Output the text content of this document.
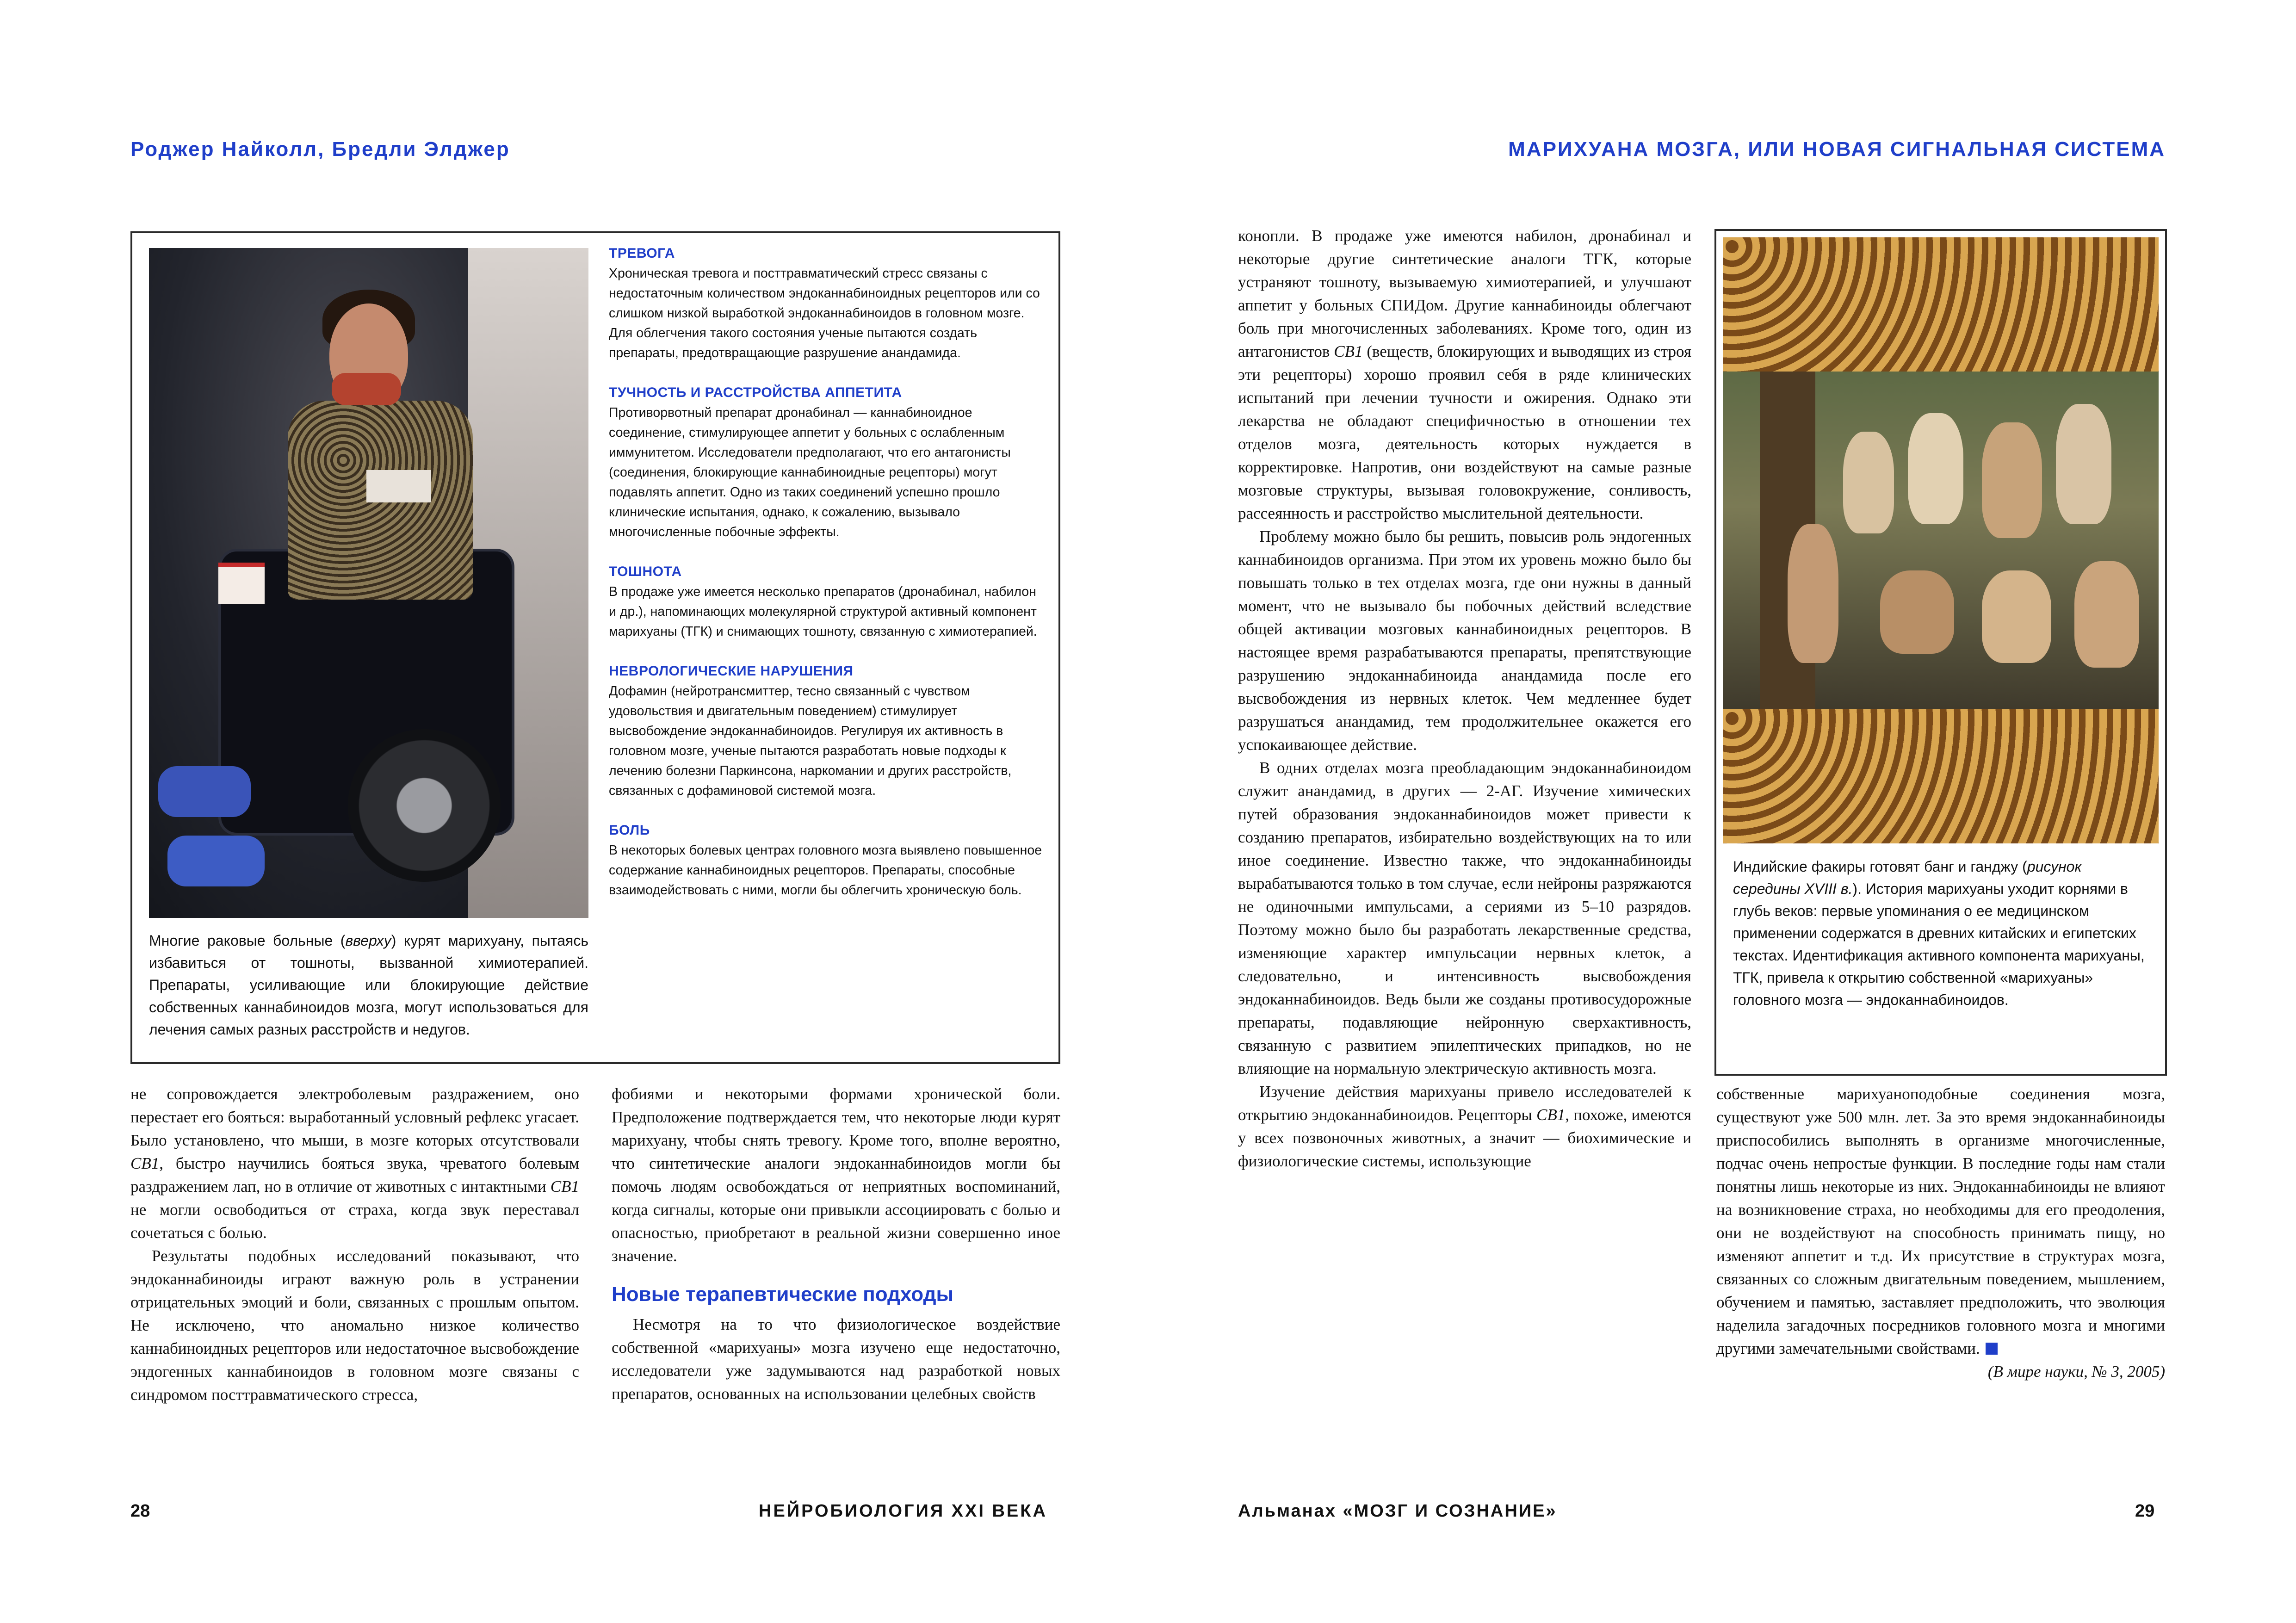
Роджер Найколл, Бредли Элджер	МАРИХУАНА МОЗГА, ИЛИ НОВАЯ СИГНАЛЬНАЯ СИСТЕМА
Многие раковые больные (вверху) курят марихуану, пытаясь избавиться от тошноты, вызванной химиотерапией. Препараты, усиливающие или блокирующие действие собственных каннабиноидов мозга, могут использоваться для лечения самых разных расстройств и недугов.
ТРЕВОГА
Хроническая тревога и посттравматический стресс связаны с недостаточным количеством эндоканнабиноидных рецепторов или со слишком низкой выработкой эндоканнабиноидов в головном мозге. Для облегчения такого состояния ученые пытаются создать препараты, предотвращающие разрушение анандамида.
ТУЧНОСТЬ И РАССТРОЙСТВА АППЕТИТА
Противорвотный препарат дронабинал — каннабиноидное соединение, стимулирующее аппетит у больных с ослабленным иммунитетом. Исследователи предполагают, что его антагонисты (соединения, блокирующие каннабиноидные рецепторы) могут подавлять аппетит. Одно из таких соединений успешно прошло клинические испытания, однако, к сожалению, вызывало многочисленные побочные эффекты.
ТОШНОТА
В продаже уже имеется несколько препаратов (дронабинал, набилон и др.), напоминающих молекулярной структурой активный компонент марихуаны (ТГК) и снимающих тошноту, связанную с химиотерапией.
НЕВРОЛОГИЧЕСКИЕ НАРУШЕНИЯ
Дофамин (нейротрансмиттер, тесно связанный с чувством удовольствия и двигательным поведением) стимулирует высвобождение эндоканнабиноидов. Регулируя их активность в головном мозге, ученые пытаются разработать новые подходы к лечению болезни Паркинсона, наркомании и других расстройств, связанных с дофаминовой системой мозга.
БОЛЬ
В некоторых болевых центрах головного мозга выявлено повышенное содержание каннабиноидных рецепторов. Препараты, способные взаимодействовать с ними, могли бы облегчить хроническую боль.

не сопровождается электроболевым раздражением, оно перестает его бояться: выработанный условный рефлекс угасает. Было установлено, что мыши, в мозге которых отсутствовали CB1, быстро научились бояться звука, чреватого болевым раздражением лап, но в отличие от животных с интактными CB1 не могли освободиться от страха, когда звук переставал сочетаться с болью.

Результаты подобных исследований показывают, что эндоканнабиноиды играют важную роль в устранении отрицательных эмоций и боли, связанных с прошлым опытом. Не исключено, что аномально низкое количество каннабиноидных рецепторов или недостаточное высвобождение эндогенных каннабиноидов в головном мозге связаны с синдромом посттравматического стресса,

фобиями и некоторыми формами хронической боли. Предположение подтверждается тем, что некоторые люди курят марихуану, чтобы снять тревогу. Кроме того, вполне вероятно, что синтетические аналоги эндоканнабиноидов могли бы помочь людям освобождаться от неприятных воспоминаний, когда сигналы, которые они привыкли ассоциировать с болью и опасностью, приобретают в реальной жизни совершенно иное значение.

Новые терапевтические подходы

Несмотря на то что физиологическое воздействие собственной «марихуаны» мозга изучено еще недостаточно, исследователи уже задумываются над разработкой новых препаратов, основанных на использовании целебных свойств

конопли. В продаже уже имеются набилон, дронабинал и некоторые другие синтетические аналоги ТГК, которые устраняют тошноту, вызываемую химиотерапией, и улучшают аппетит у больных СПИДом. Другие каннабиноиды облегчают боль при многочисленных заболеваниях. Кроме того, один из антагонистов CB1 (веществ, блокирующих и выводящих из строя эти рецепторы) хорошо проявил себя в ряде клинических испытаний при лечении тучности и ожирения. Однако эти лекарства не обладают специфичностью в отношении тех отделов мозга, деятельность которых нуждается в корректировке. Напротив, они воздействуют на самые разные мозговые структуры, вызывая головокружение, сонливость, рассеянность и расстройство мыслительной деятельности.

Проблему можно было бы решить, повысив роль эндогенных каннабиноидов организма. При этом их уровень можно было бы повышать только в тех отделах мозга, где они нужны в данный момент, что не вызывало бы побочных действий вследствие общей активации мозговых каннабиноидных рецепторов. В настоящее время разрабатываются препараты, препятствующие разрушению эндоканнабиноида анандамида после его высвобождения из нервных клеток. Чем медленнее будет разрушаться анандамид, тем продолжительнее окажется его успокаивающее действие.

В одних отделах мозга преобладающим эндоканнабиноидом служит анандамид, в других — 2-АГ. Изучение химических путей образования эндоканнабиноидов может привести к созданию препаратов, избирательно воздействующих на то или иное соединение. Известно также, что эндоканнабиноиды вырабатываются только в том случае, если нейроны разряжаются не одиночными импульсами, а сериями из 5–10 разрядов. Поэтому можно было бы разработать лекарственные средства, изменяющие характер импульсации нервных клеток, а следовательно, и интенсивность высвобождения эндоканнабиноидов. Ведь были же созданы противосудорожные препараты, подавляющие нейронную сверхактивность, связанную с развитием эпилептических припадков, но не влияющие на нормальную электрическую активность мозга.

Изучение действия марихуаны привело исследователей к открытию эндоканнабиноидов. Рецепторы CB1, похоже, имеются у всех позвоночных животных, а значит — биохимические и физиологические системы, использующие

Индийские факиры готовят банг и ганджу (рисунок середины XVIII в.). История марихуаны уходит корнями в глубь веков: первые упоминания о ее медицинском применении содержатся в древних китайских и египетских текстах. Идентификация активного компонента марихуаны, ТГК, привела к открытию собственной «марихуаны» головного мозга — эндоканнабиноидов.

собственные марихуаноподобные соединения мозга, существуют уже 500 млн. лет. За это время эндоканнабиноиды приспособились выполнять в организме многочисленные, подчас очень непростые функции. В последние годы нам стали понятны лишь некоторые из них. Эндоканнабиноиды не влияют на возникновение страха, но необходимы для его преодоления, они не воздействуют на способность принимать пищу, но изменяют аппетит и т.д. Их присутствие в структурах мозга, связанных со сложным двигательным поведением, мышлением, обучением и памятью, заставляет предположить, что эволюция наделила загадочных посредников головного мозга и многими другими замечательными свойствами.

(В мире науки, № 3, 2005)

28	НЕЙРОБИОЛОГИЯ XXI ВЕКА	Альманах «МОЗГ И СОЗНАНИЕ»	29
